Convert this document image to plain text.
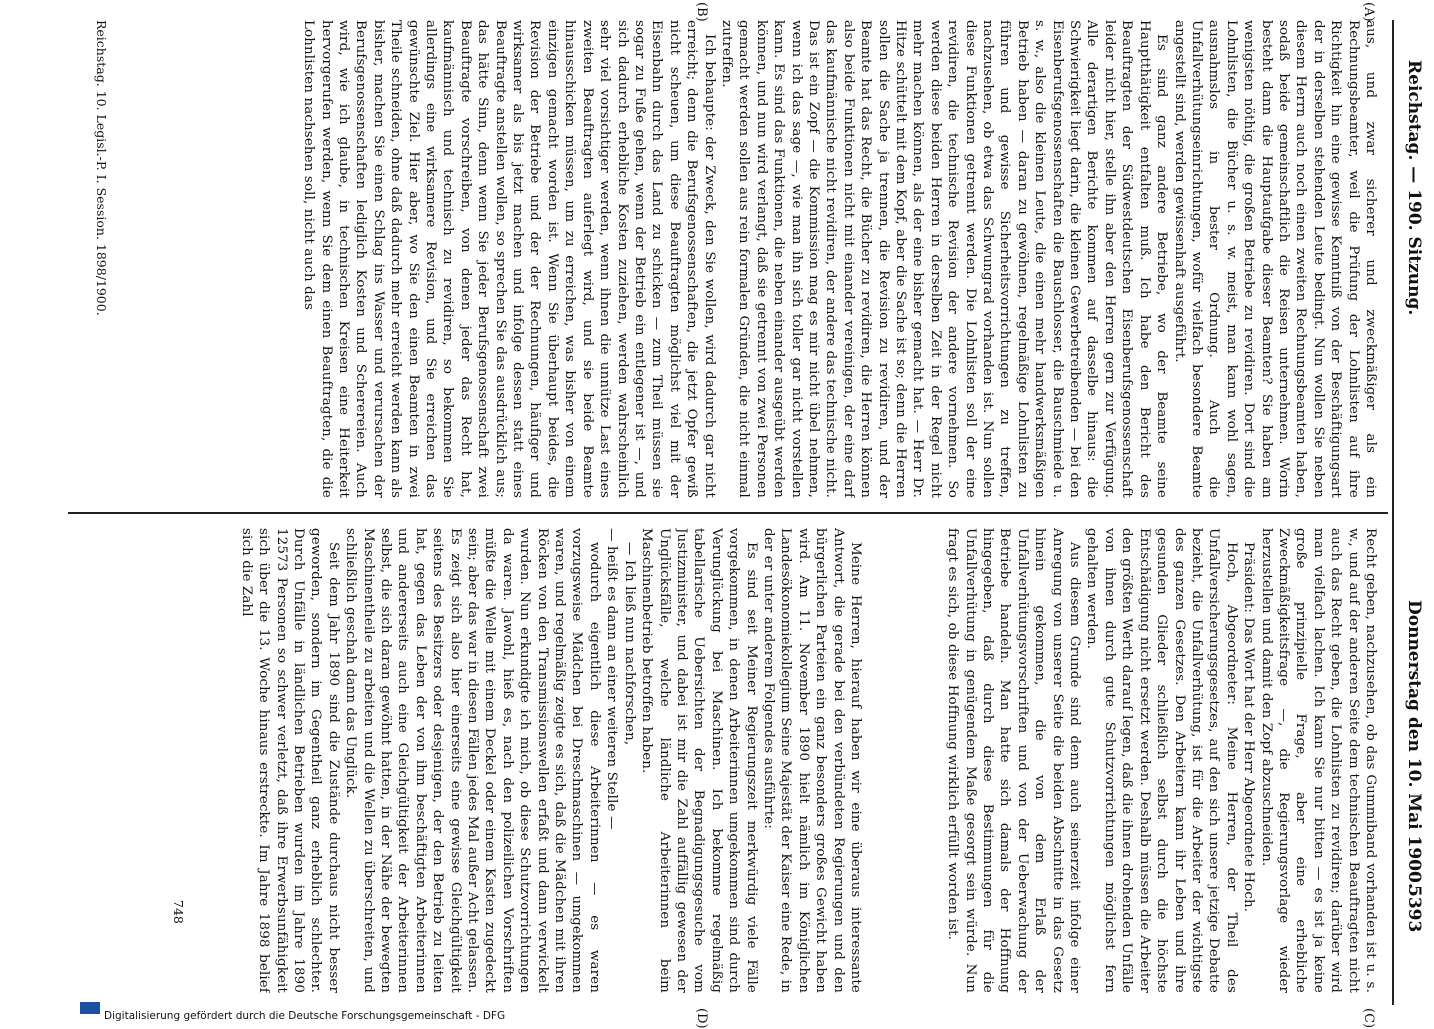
Reichstag. — 190. Sitzung.
Donnerstag den 10. Mai 1900.
5393
(A)
(B)
(C)
(D)

aus, und zwar sicherer und zweckmäßiger als ein Rechnungsbeamter, weil die Prüfung der Lohnlisten auf ihre Richtigkeit hin eine gewisse Kenntniß von der Beschäftigungsart der in derselben stehenden Leute bedingt. Nun wollen Sie neben diesem Herrn auch noch einen zweiten Rechnungsbeamten haben, sodaß beide gemeinschaftlich die Reisen unternehmen. Worin besteht dann die Hauptaufgabe dieser Beamten? Sie haben am wenigsten nöthig, die großen Betriebe zu revidiren. Dort sind die Lohnlisten, die Bücher u. s. w. meist, man kann wohl sagen, ausnahmslos in bester Ordnung. Auch die Unfallverhütungseinrichtungen, wofür vielfach besondere Beamte angestellt sind, werden gewissenhaft ausgeführt.

Es sind ganz andere Betriebe, wo der Beamte seine Hauptthätigkeit entfalten muß. Ich habe den Bericht des Beauftragten der Südwestdeutschen Eisenberufsgenossenschaft leider nicht hier, stelle ihn aber den Herren gern zur Verfügung. Alle derartigen Berichte kommen auf dasselbe hinaus: die Schwierigkeit liegt darin, die kleinen Gewerbetreibenden — bei den Eisenberufsgenossenschaften die Bauschlosser, die Bauschmiede u. s. w., also die kleinen Leute, die einen mehr handwerksmäßigen Betrieb haben — daran zu gewöhnen, regelmäßige Lohnlisten zu führen und gewisse Sicherheitsvorrichtungen zu treffen, nachzusehen, ob etwa das Schwungrad vorhanden ist. Nun sollen diese Funktionen getrennt werden. Die Lohnlisten soll der eine revidiren, die technische Revision der andere vornehmen. So werden diese beiden Herren in derselben Zeit in der Regel nicht mehr machen können, als der eine bisher gemacht hat. — Herr Dr. Hitze schüttelt mit dem Kopf, aber die Sache ist so; denn die Herren sollen die Sache ja trennen, die Revision zu revidiren, und der Beamte hat das Recht, die Bücher zu revidiren, die Herren können also beide Funktionen nicht mit einander vereinigen, der eine darf das kaufmännische nicht revidiren, der andere das technische nicht. Das ist ein Zopf — die Kommission mag es mir nicht übel nehmen, wenn ich das sage —, wie man ihn sich toller gar nicht vorstellen kann. Es sind das Funktionen, die neben einander ausgeübt werden können, und nun wird verlangt, daß sie getrennt von zwei Personen gemacht werden sollen aus rein formalen Gründen, die nicht einmal zutreffen.

Ich behaupte: der Zweck, den Sie wollen, wird dadurch gar nicht erreicht; denn die Berufsgenossenschaften, die jetzt Opfer gewiß nicht scheuen, um diese Beauftragten möglichst viel mit der Eisenbahn durch das Land zu schicken — zum Theil müssen sie sogar zu Fuße gehen, wenn der Betrieb ein entlegener ist —, und sich dadurch erhebliche Kosten zuziehen, werden wahrscheinlich sehr viel vorsichtiger werden, wenn ihnen die unnütze Last eines zweiten Beauftragten auferlegt wird, und sie beide Beamte hinausschicken müssen, um zu erreichen, was bisher von einem einzigen gemacht worden ist. Wenn Sie überhaupt beides, die Revision der Betriebe und der der Rechnungen, häufiger und wirksamer als bis jetzt machen und infolge dessen statt eines Beauftragte anstellen wollen, so sprechen Sie das ausdrücklich aus; das hätte Sinn, denn wenn Sie jeder Berufsgenossenschaft zwei Beauftragte vorschreiben, von denen jeder das Recht hat, kaufmännisch und technisch zu revidiren, so bekommen Sie allerdings eine wirksamere Revision, und Sie erreichen das gewünschte Ziel. Hier aber, wo Sie den einen Beamten in zwei Theile schneiden, ohne daß dadurch mehr erreicht werden kann als bisher, machen Sie einen Schlag ins Wasser und verursachen der Berufsgenossenschaften lediglich Kosten und Scherereien. Auch wird, wie ich glaube, in technischen Kreisen eine Heiterkeit hervorgerufen werden, wenn Sie dem einen Beauftragten, die die Lohnlisten nachsehen soll, nicht auch das

Recht geben, nachzusehen, ob das Gummiband vorhanden ist u. s. w., und auf der anderen Seite dem technischen Beauftragten nicht auch das Recht geben, die Lohnlisten zu revidiren; darüber wird man vielfach lachen. Ich kann Sie nur bitten — es ist ja keine große prinzipielle Frage, aber eine erhebliche Zweckmäßigkeitsfrage —, die Regierungsvorlage wieder herzustellen und damit den Zopf abzuschneiden.

Präsident: Das Wort hat der Herr Abgeordnete Hoch.

Hoch, Abgeordneter: Meine Herren, der Theil des Unfallversicherungsgesetzes, auf den sich unsere jetzige Debatte bezieht, die Unfallverhütung, ist für die Arbeiter der wichtigste des ganzen Gesetzes. Den Arbeitern kann ihr Leben und ihre gesunden Glieder schließlich selbst durch die höchste Entschädigung nicht ersetzt werden. Deshalb müssen die Arbeiter den größten Werth darauf legen, daß die ihnen drohenden Unfälle von ihnen durch gute Schutzvorrichtungen möglichst fern gehalten werden.

Aus diesem Grunde sind denn auch seinerzeit infolge einer Anregung von unserer Seite die beiden Abschnitte in das Gesetz hinein gekommen, die von dem Erlaß der Unfallverhütungsvorschriften und von der Ueberwachung der Betriebe handeln. Man hatte sich damals der Hoffnung hingegeben, daß durch diese Bestimmungen für die Unfallverhütung in genügendem Maße gesorgt sein würde. Nun fragt es sich, ob diese Hoffnung wirklich erfüllt worden ist.

Meine Herren, hierauf haben wir eine überaus interessante Antwort, die gerade bei den verbündeten Regierungen und den bürgerlichen Parteien ein ganz besonders großes Gewicht haben wird. Am 11. November 1890 hielt nämlich im Königlichen Landesökonomiekollegium Seine Majestät der Kaiser eine Rede, in der er unter anderem Folgendes ausführte:

Es sind seit Meiner Regierungszeit merkwürdig viele Fälle vorgekommen, in denen Arbeiterinnen umgekommen sind durch Verunglückung bei Maschinen. Ich bekomme regelmäßig tabellarische Uebersichten der Begnadigungsgesuche vom Justizminister, und dabei ist mir die Zahl auffällig gewesen der Unglücksfälle, welche ländliche Arbeiterinnen beim Maschinenbetrieb betroffen haben.

— Ich ließ nun nachforschen,

— heißt es dann an einer weiteren Stelle —

wodurch eigentlich diese Arbeiterinnen — es waren vorzugsweise Mädchen bei Dreschmaschinen — umgekommen waren, und regelmäßig zeigte es sich, daß die Mädchen mit ihren Röcken von den Transmissionswellen erfaßt und dann verwickelt wurden. Nun erkundigte ich mich, ob diese Schutzvorrichtungen da waren. Jawohl, hieß es, nach den polizeilichen Vorschriften müßte die Welle mit einem Deckel oder einem Kasten zugedeckt sein; aber das war in diesen Fällen jedes Mal außer Acht gelassen. Es zeigt sich also hier einerseits eine gewisse Gleichgültigkeit seitens des Besitzers oder desjenigen, der den Betrieb zu leiten hat, gegen das Leben der von ihm beschäftigten Arbeiterinnen und andererseits auch eine Gleichgültigkeit der Arbeiterinnen selbst, die sich daran gewöhnt hatten, in der Nähe der bewegten Maschinentheile zu arbeiten und die Wellen zu überschreiten, und schließlich geschah dann das Unglück.

Seit dem Jahr 1890 sind die Zustände durchaus nicht besser geworden, sondern im Gegentheil ganz erheblich schlechter. Durch Unfälle in ländlichen Betrieben wurden im Jahre 1890 12573 Personen so schwer verletzt, daß ihre Erwerbsunfähigkeit sich über die 13. Woche hinaus erstreckte. Im Jahre 1898 belief sich die Zahl

748
Reichstag. 10. Legisl.-P. I. Session. 1898/1900.
Digitalisierung gefördert durch die Deutsche Forschungsgemeinschaft - DFG
